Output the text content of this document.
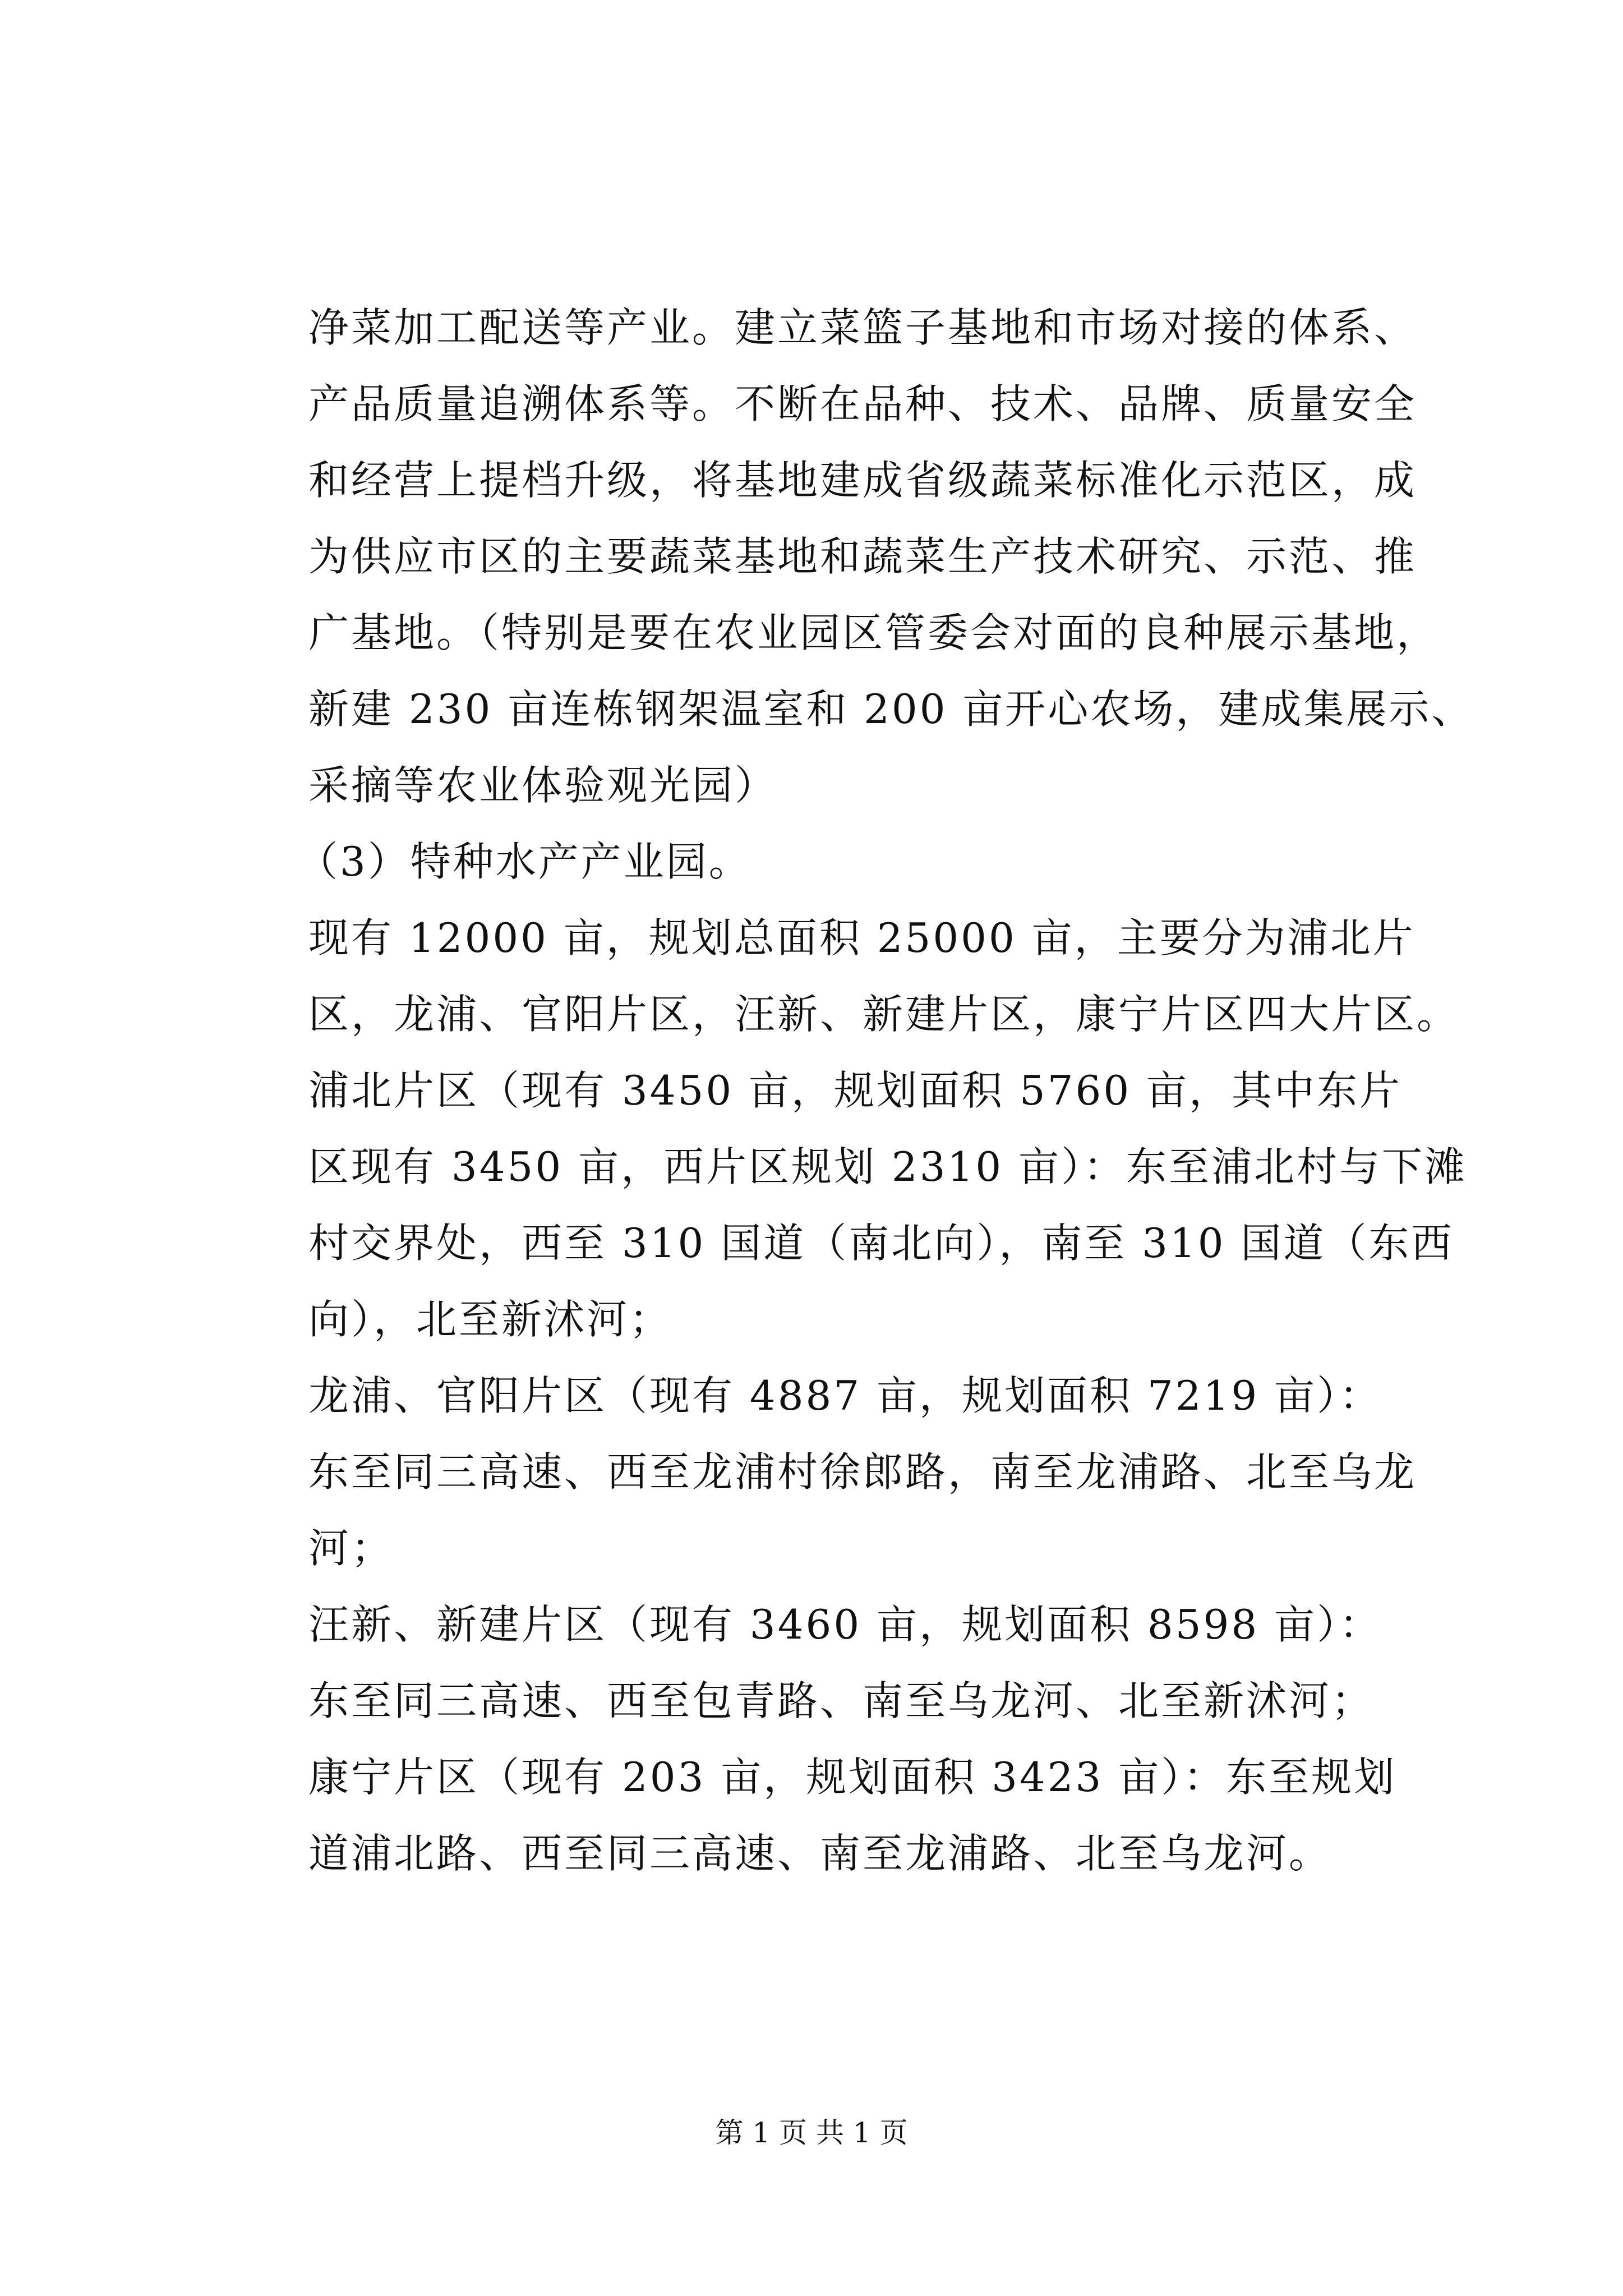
净菜加工配送等产业。建立菜篮子基地和市场对接的体系、
产品质量追溯体系等。不断在品种、技术、品牌、质量安全
和经营上提档升级，将基地建成省级蔬菜标准化示范区，成
为供应市区的主要蔬菜基地和蔬菜生产技术研究、示范、推
广基地。（特别是要在农业园区管委会对面的良种展示基地，
新建 230 亩连栋钢架温室和 200 亩开心农场，建成集展示、
采摘等农业体验观光园）
（3）特种水产产业园。
现有 12000 亩，规划总面积 25000 亩，主要分为浦北片
区，龙浦、官阳片区，汪新、新建片区，康宁片区四大片区。
浦北片区（现有 3450 亩，规划面积 5760 亩，其中东片
区现有 3450 亩，西片区规划 2310 亩）：东至浦北村与下滩
村交界处，西至 310 国道（南北向），南至 310 国道（东西
向），北至新沭河；
龙浦、官阳片区（现有 4887 亩，规划面积 7219 亩）：
东至同三高速、西至龙浦村徐郎路，南至龙浦路、北至乌龙
河；
汪新、新建片区（现有 3460 亩，规划面积 8598 亩）：
东至同三高速、西至包青路、南至乌龙河、北至新沭河；
康宁片区（现有 203 亩，规划面积 3423 亩）：东至规划
道浦北路、西至同三高速、南至龙浦路、北至乌龙河。
第 1 页 共 1 页
